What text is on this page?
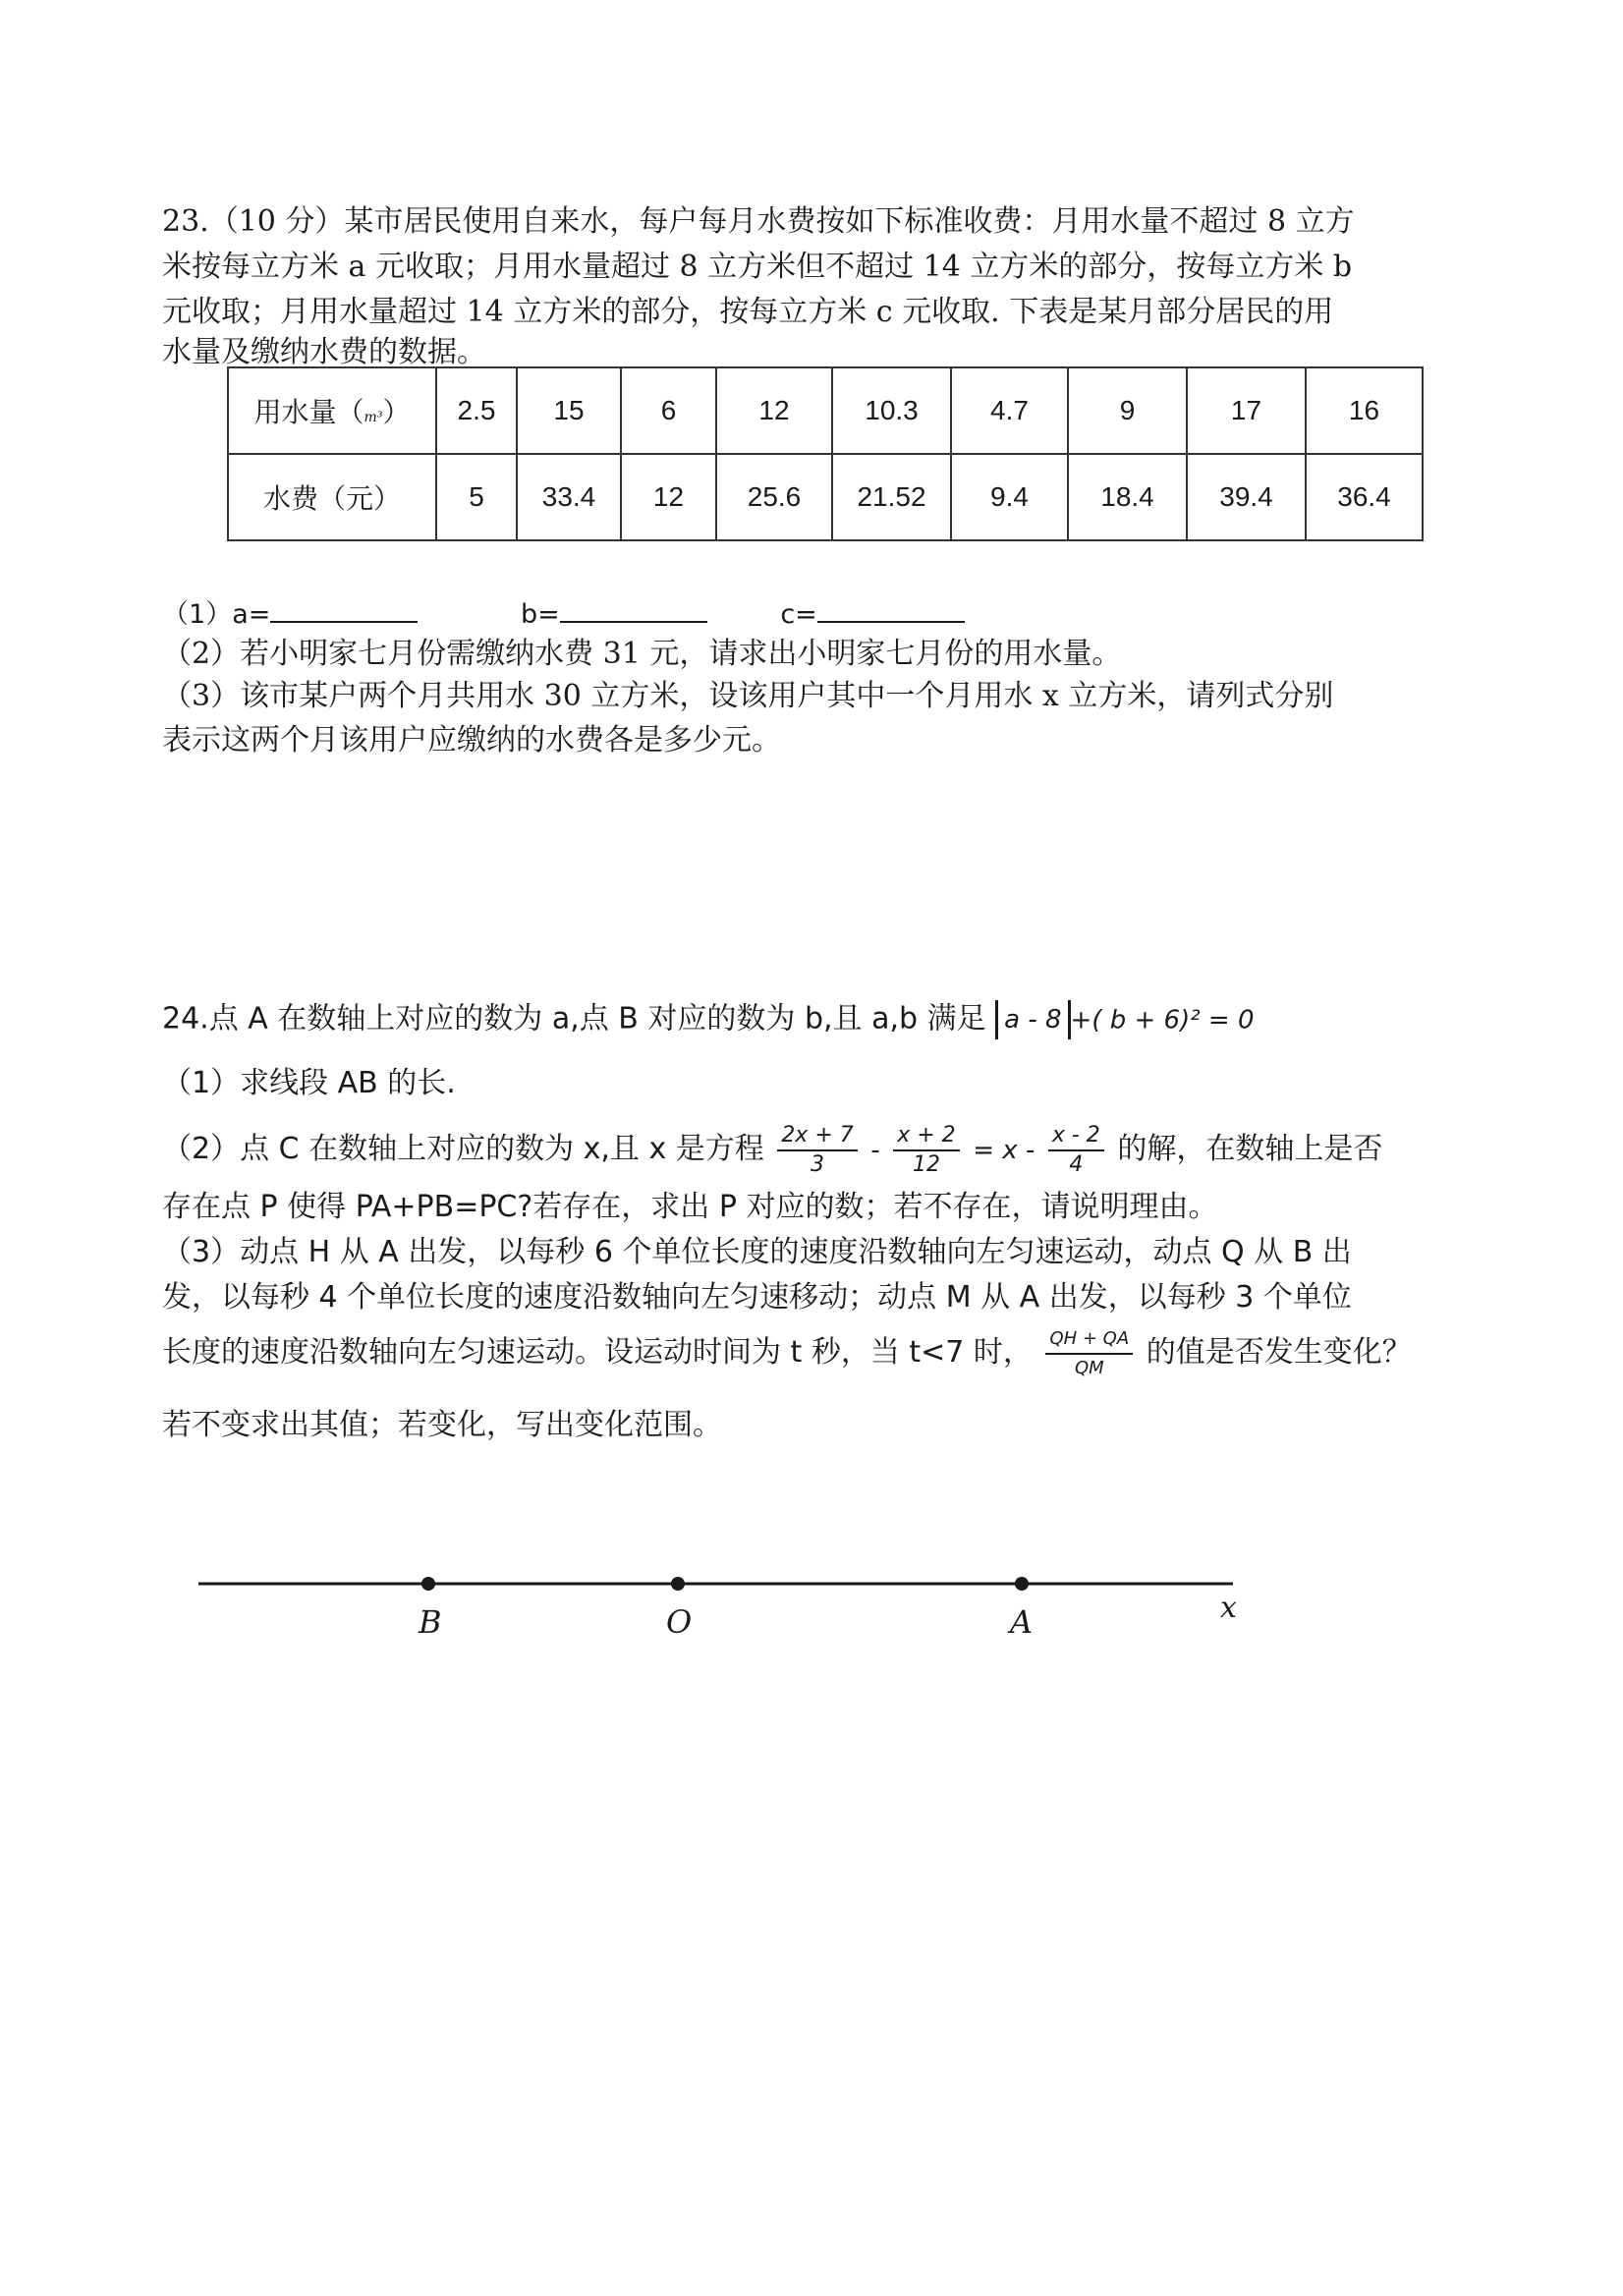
23.（10 分）某市居民使用自来水，每户每月水费按如下标准收费：月用水量不超过 8 立方
米按每立方米 a 元收取；月用水量超过 8 立方米但不超过 14 立方米的部分，按每立方米 b
元收取；月用水量超过 14 立方米的部分，按每立方米 c 元收取. 下表是某月部分居民的用
水量及缴纳水费的数据。
用水量（m³）	2.5	15	6	12	10.3	4.7	9	17	16
水费（元）	5	33.4	12	25.6	21.52	9.4	18.4	39.4	36.4
（1）a=	b=	c=
（2）若小明家七月份需缴纳水费 31 元，请求出小明家七月份的用水量。
（3）该市某户两个月共用水 30 立方米，设该用户其中一个月用水 x 立方米，请列式分别
表示这两个月该用户应缴纳的水费各是多少元。
24.点 A 在数轴上对应的数为 a,点 B 对应的数为 b,且 a,b 满足 a - 8 +( b + 6)² = 0
（1）求线段 AB 的长.
（2）点 C 在数轴上对应的数为 x,且 x 是方程 $\frac{2x + 7}{3} - \frac{x + 2}{12} = x - \frac{x - 2}{4}$ 的解，在数轴上是否
存在点 P 使得 PA+PB=PC?若存在，求出 P 对应的数；若不存在，请说明理由。
（3）动点 H 从 A 出发，以每秒 6 个单位长度的速度沿数轴向左匀速运动，动点 Q 从 B 出
发，以每秒 4 个单位长度的速度沿数轴向左匀速移动；动点 M 从 A 出发，以每秒 3 个单位
长度的速度沿数轴向左匀速运动。设运动时间为 t 秒，当 t<7 时， $\frac{QH + QA}{QM}$ 的值是否发生变化？
若不变求出其值；若变化，写出变化范围。
B	O	A	x
